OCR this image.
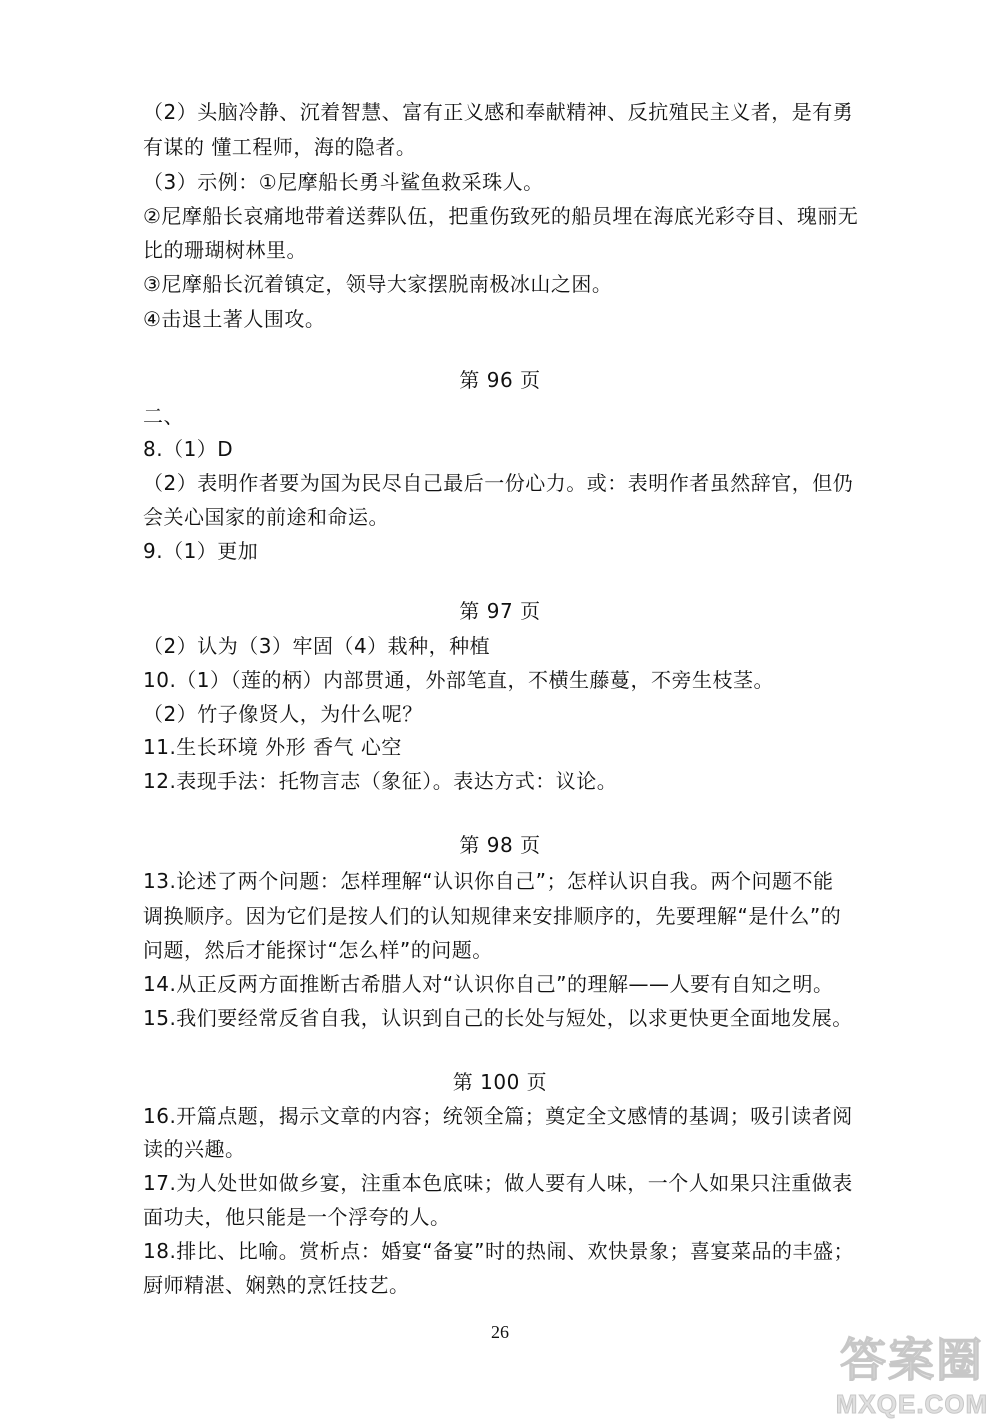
（2）头脑冷静、沉着智慧、富有正义感和奉献精神、反抗殖民主义者，是有勇
有谋的 懂工程师，海的隐者。
（3）示例：①尼摩船长勇斗鲨鱼救采珠人。
②尼摩船长哀痛地带着送葬队伍，把重伤致死的船员埋在海底光彩夺目、瑰丽无
比的珊瑚树林里。
③尼摩船长沉着镇定，领导大家摆脱南极冰山之困。
④击退土著人围攻。
第 96 页
二、
8.（1）D
（2）表明作者要为国为民尽自己最后一份心力。或：表明作者虽然辞官，但仍
会关心国家的前途和命运。
9.（1）更加
第 97 页
（2）认为（3）牢固（4）栽种，种植
10.（1）（莲的柄）内部贯通，外部笔直，不横生藤蔓，不旁生枝茎。
（2）竹子像贤人，为什么呢？
11.生长环境 外形 香气 心空
12.表现手法：托物言志（象征）。表达方式：议论。
第 98 页
13.论述了两个问题：怎样理解“认识你自己”；怎样认识自我。两个问题不能
调换顺序。因为它们是按人们的认知规律来安排顺序的，先要理解“是什么”的
问题，然后才能探讨“怎么样”的问题。
14.从正反两方面推断古希腊人对“认识你自己”的理解——人要有自知之明。
15.我们要经常反省自我，认识到自己的长处与短处，以求更快更全面地发展。
第 100 页
16.开篇点题，揭示文章的内容；统领全篇；奠定全文感情的基调；吸引读者阅
读的兴趣。
17.为人处世如做乡宴，注重本色底味；做人要有人味，一个人如果只注重做表
面功夫，他只能是一个浮夸的人。
18.排比、比喻。赏析点：婚宴“备宴”时的热闹、欢快景象；喜宴菜品的丰盛；
厨师精湛、娴熟的烹饪技艺。
26
答案圈
MXQE.COM
